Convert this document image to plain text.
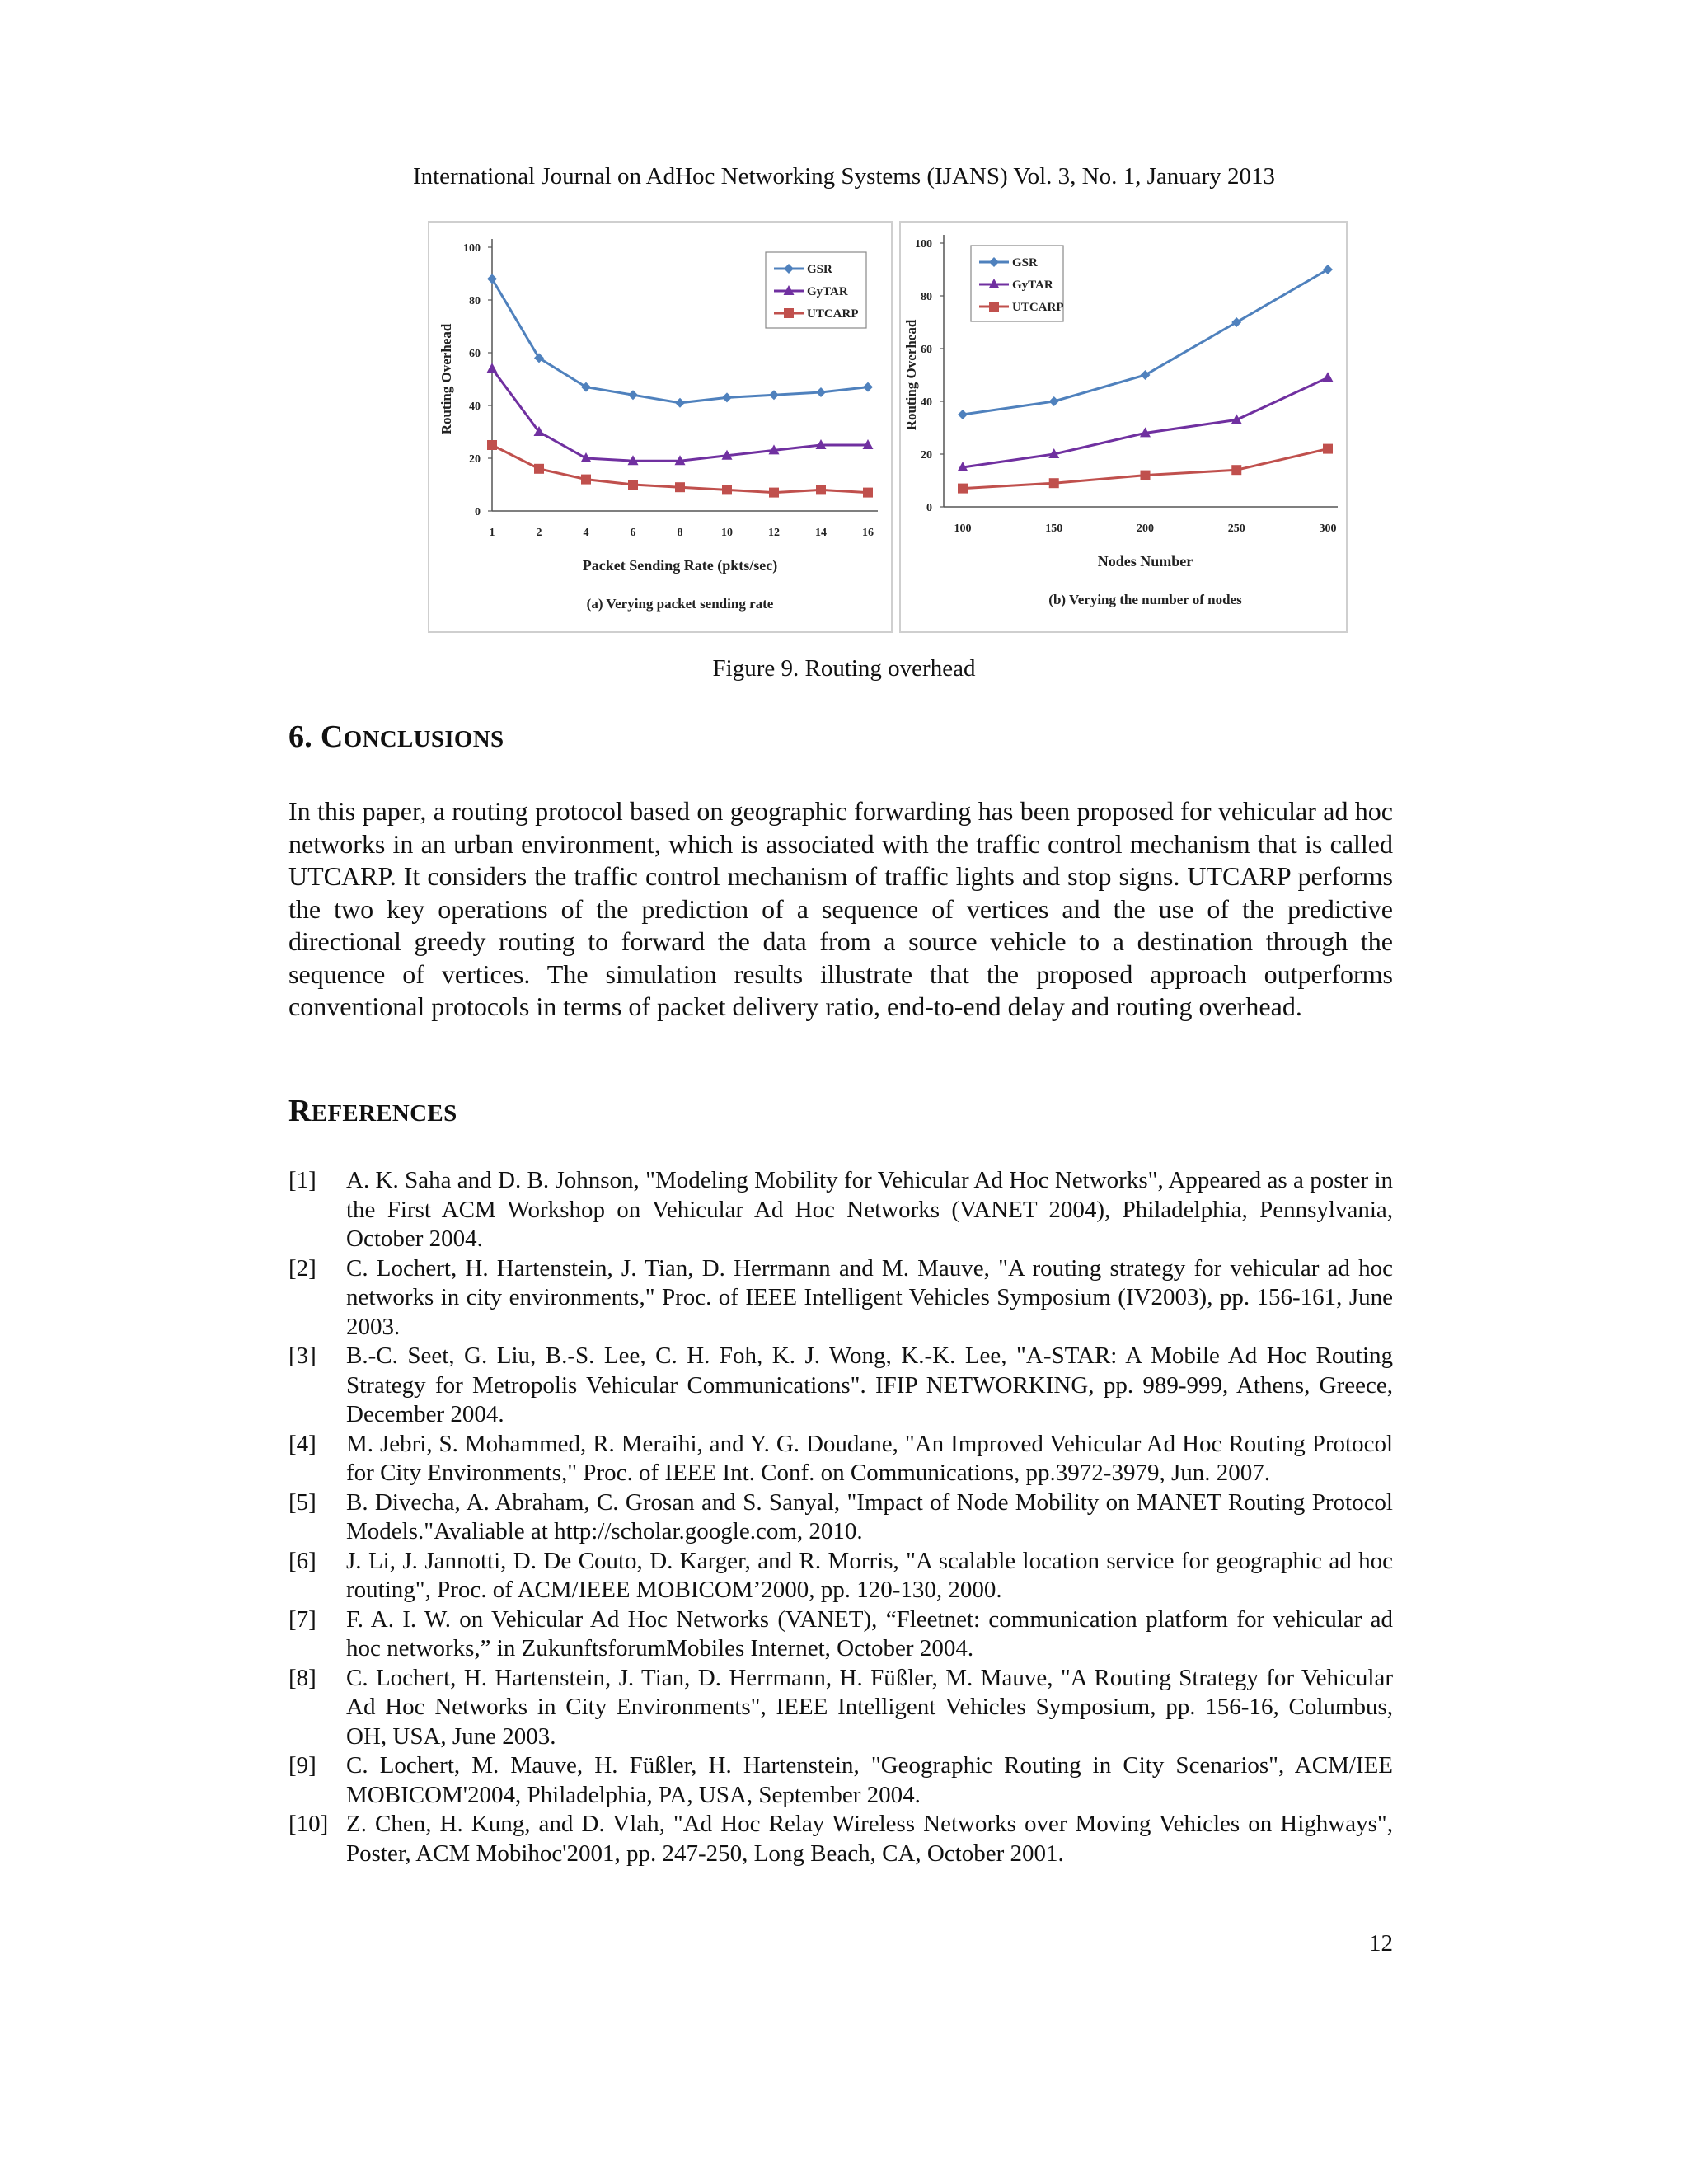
International Journal on AdHoc Networking Systems (IJANS) Vol. 3, No. 1, January 2013
0
20
40
60
80
100
1	2	4	6	8	10	12	14	16
Routing Overhead
Packet Sending Rate (pkts/sec)
(a) Verying packet sending rate
GSR
GyTAR
UTCARP
0
20
40
60
80
100
100	150	200	250	300
Routing Overhead
Nodes Number
(b) Verying the number of nodes
GSR
GyTAR
UTCARP
Figure 9. Routing overhead
6. CONCLUSIONS

In this paper, a routing protocol based on geographic forwarding has been proposed for vehicular ad hoc networks in an urban environment, which is associated with the traffic control mechanism that is called UTCARP. It considers the traffic control mechanism of traffic lights and stop signs. UTCARP performs the two key operations of the prediction of a sequence of vertices and the use of the predictive directional greedy routing to forward the data from a source vehicle to a destination through the sequence of vertices. The simulation results illustrate that the proposed approach outperforms conventional protocols in terms of packet delivery ratio, end-to-end delay and routing overhead.

REFERENCES
[1] A. K. Saha and D. B. Johnson, "Modeling Mobility for Vehicular Ad Hoc Networks", Appeared as a poster in the First ACM Workshop on Vehicular Ad Hoc Networks (VANET 2004), Philadelphia, Pennsylvania, October 2004.
[2] C. Lochert, H. Hartenstein, J. Tian, D. Herrmann and M. Mauve, "A routing strategy for vehicular ad hoc networks in city environments," Proc. of IEEE Intelligent Vehicles Symposium (IV2003), pp. 156-161, June 2003.
[3] B.-C. Seet, G. Liu, B.-S. Lee, C. H. Foh, K. J. Wong, K.-K. Lee, "A-STAR: A Mobile Ad Hoc Routing Strategy for Metropolis Vehicular Communications". IFIP NETWORKING, pp. 989-999, Athens, Greece, December 2004.
[4] M. Jebri, S. Mohammed, R. Meraihi, and Y. G. Doudane, "An Improved Vehicular Ad Hoc Routing Protocol for City Environments," Proc. of IEEE Int. Conf. on Communications, pp.3972-3979, Jun. 2007.
[5] B. Divecha, A. Abraham, C. Grosan and S. Sanyal, "Impact of Node Mobility on MANET Routing Protocol Models."Avaliable at http://scholar.google.com, 2010.
[6] J. Li, J. Jannotti, D. De Couto, D. Karger, and R. Morris, "A scalable location service for geographic ad hoc routing", Proc. of ACM/IEEE MOBICOM’2000, pp. 120-130, 2000.
[7] F. A. I. W. on Vehicular Ad Hoc Networks (VANET), “Fleetnet: communication platform for vehicular ad hoc networks,” in ZukunftsforumMobiles Internet, October 2004.
[8] C. Lochert, H. Hartenstein, J. Tian, D. Herrmann, H. Füßler, M. Mauve, "A Routing Strategy for Vehicular Ad Hoc Networks in City Environments", IEEE Intelligent Vehicles Symposium, pp. 156-16, Columbus, OH, USA, June 2003.
[9] C. Lochert, M. Mauve, H. Füßler, H. Hartenstein, "Geographic Routing in City Scenarios", ACM/IEE MOBICOM'2004, Philadelphia, PA, USA, September 2004.
[10] Z. Chen, H. Kung, and D. Vlah, "Ad Hoc Relay Wireless Networks over Moving Vehicles on Highways", Poster, ACM Mobihoc'2001, pp. 247-250, Long Beach, CA, October 2001.
12
